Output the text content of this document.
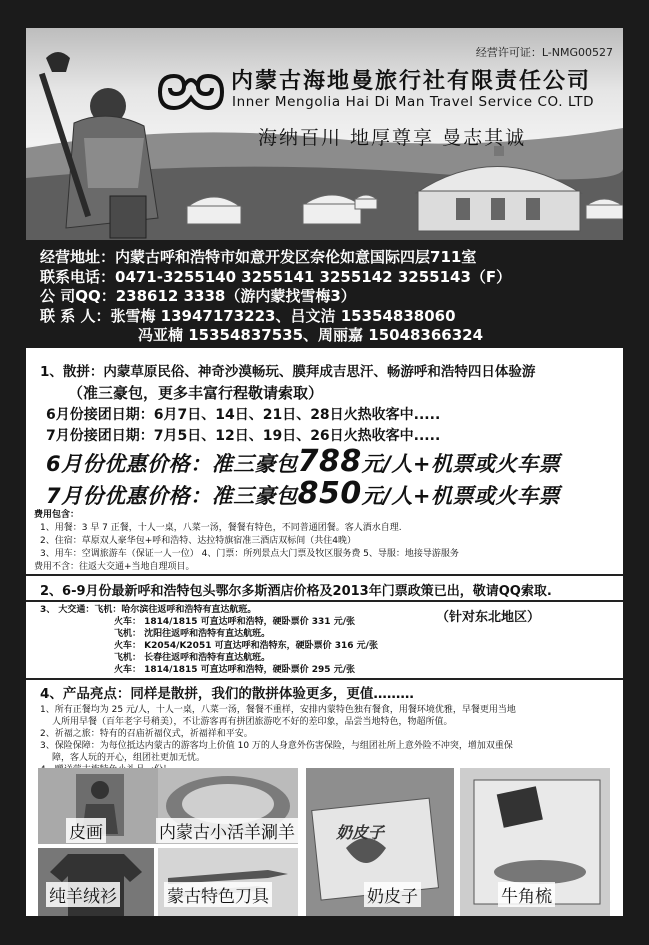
经营许可证：L-NMG00527
内蒙古海地曼旅行社有限责任公司
Inner Mengolia Hai Di Man Travel Service CO. LTD
海纳百川 地厚尊享 曼志其诚
经营地址：内蒙古呼和浩特市如意开发区奈伦如意国际四层711室
联系电话：0471-3255140 3255141 3255142 3255143（F）
公 司QQ：238612 3338（游内蒙找雪梅3）
联 系 人：张雪梅 13947173223、吕文洁 15354838060
冯亚楠 15354837535、周丽嘉 15048366324
1、散拼：内蒙草原民俗、神奇沙漠畅玩、膜拜成吉思汗、畅游呼和浩特四日体验游
（准三豪包，更多丰富行程敬请索取）
6月份接团日期：6月7日、14日、21日、28日火热收客中.....
7月份接团日期：7月5日、12日、19日、26日火热收客中.....
6月份优惠价格：准三豪包788元/人+机票或火车票
7月份优惠价格：准三豪包850元/人+机票或火车票
费用包含：
1、用餐：3 早 7 正餐，十人一桌，八菜一汤，餐餐有特色，不同普通团餐。客人酒水自理.
2、住宿：草原双人豪华包+呼和浩特、达拉特旗宿准三酒店双标间（共住4晚）
3、用车：空调旅游车（保证一人一位） 4、门票：所列景点大门票及牧区服务费 5、导服：地接导游服务
费用不含：往返大交通+当地自理项目。
2、6-9月份最新呼和浩特包头鄂尔多斯酒店价格及2013年门票政策已出，敬请QQ索取.
3、 大交通：飞机：哈尔滨往返呼和浩特有直达航班。
火车： 1814/1815 可直达呼和浩特，硬卧票价 331 元/张
飞机： 沈阳往返呼和浩特有直达航班。
火车： K2054/K2051 可直达呼和浩特东，硬卧票价 316 元/张
飞机： 长春往返呼和浩特有直达航班。
火车： 1814/1815 可直达呼和浩特，硬卧票价 295 元/张
（针对东北地区）
4、产品亮点：同样是散拼，我们的散拼体验更多，更值………
1、所有正餐均为 25 元/人，十人一桌，八菜一汤，餐餐不重样，安排内蒙特色独有餐食，用餐环境优雅，早餐更用当地
人所用早餐（百年老字号稍美），不让游客再有拼团旅游吃不好的差印象，品尝当地特色，物超所值。
2、祈福之旅：特有的召庙祈福仪式，祈福祥和平安。
3、保险保障：为每位抵达内蒙古的游客均上价值 10 万的人身意外伤害保险，与组团社所上意外险不冲突，增加双重保
障，客人玩的开心，组团社更加无忧。
皮画	内蒙古小活羊涮羊	奶皮子
奶皮子	牛角梳
纯羊绒衫	蒙古特色刀具
